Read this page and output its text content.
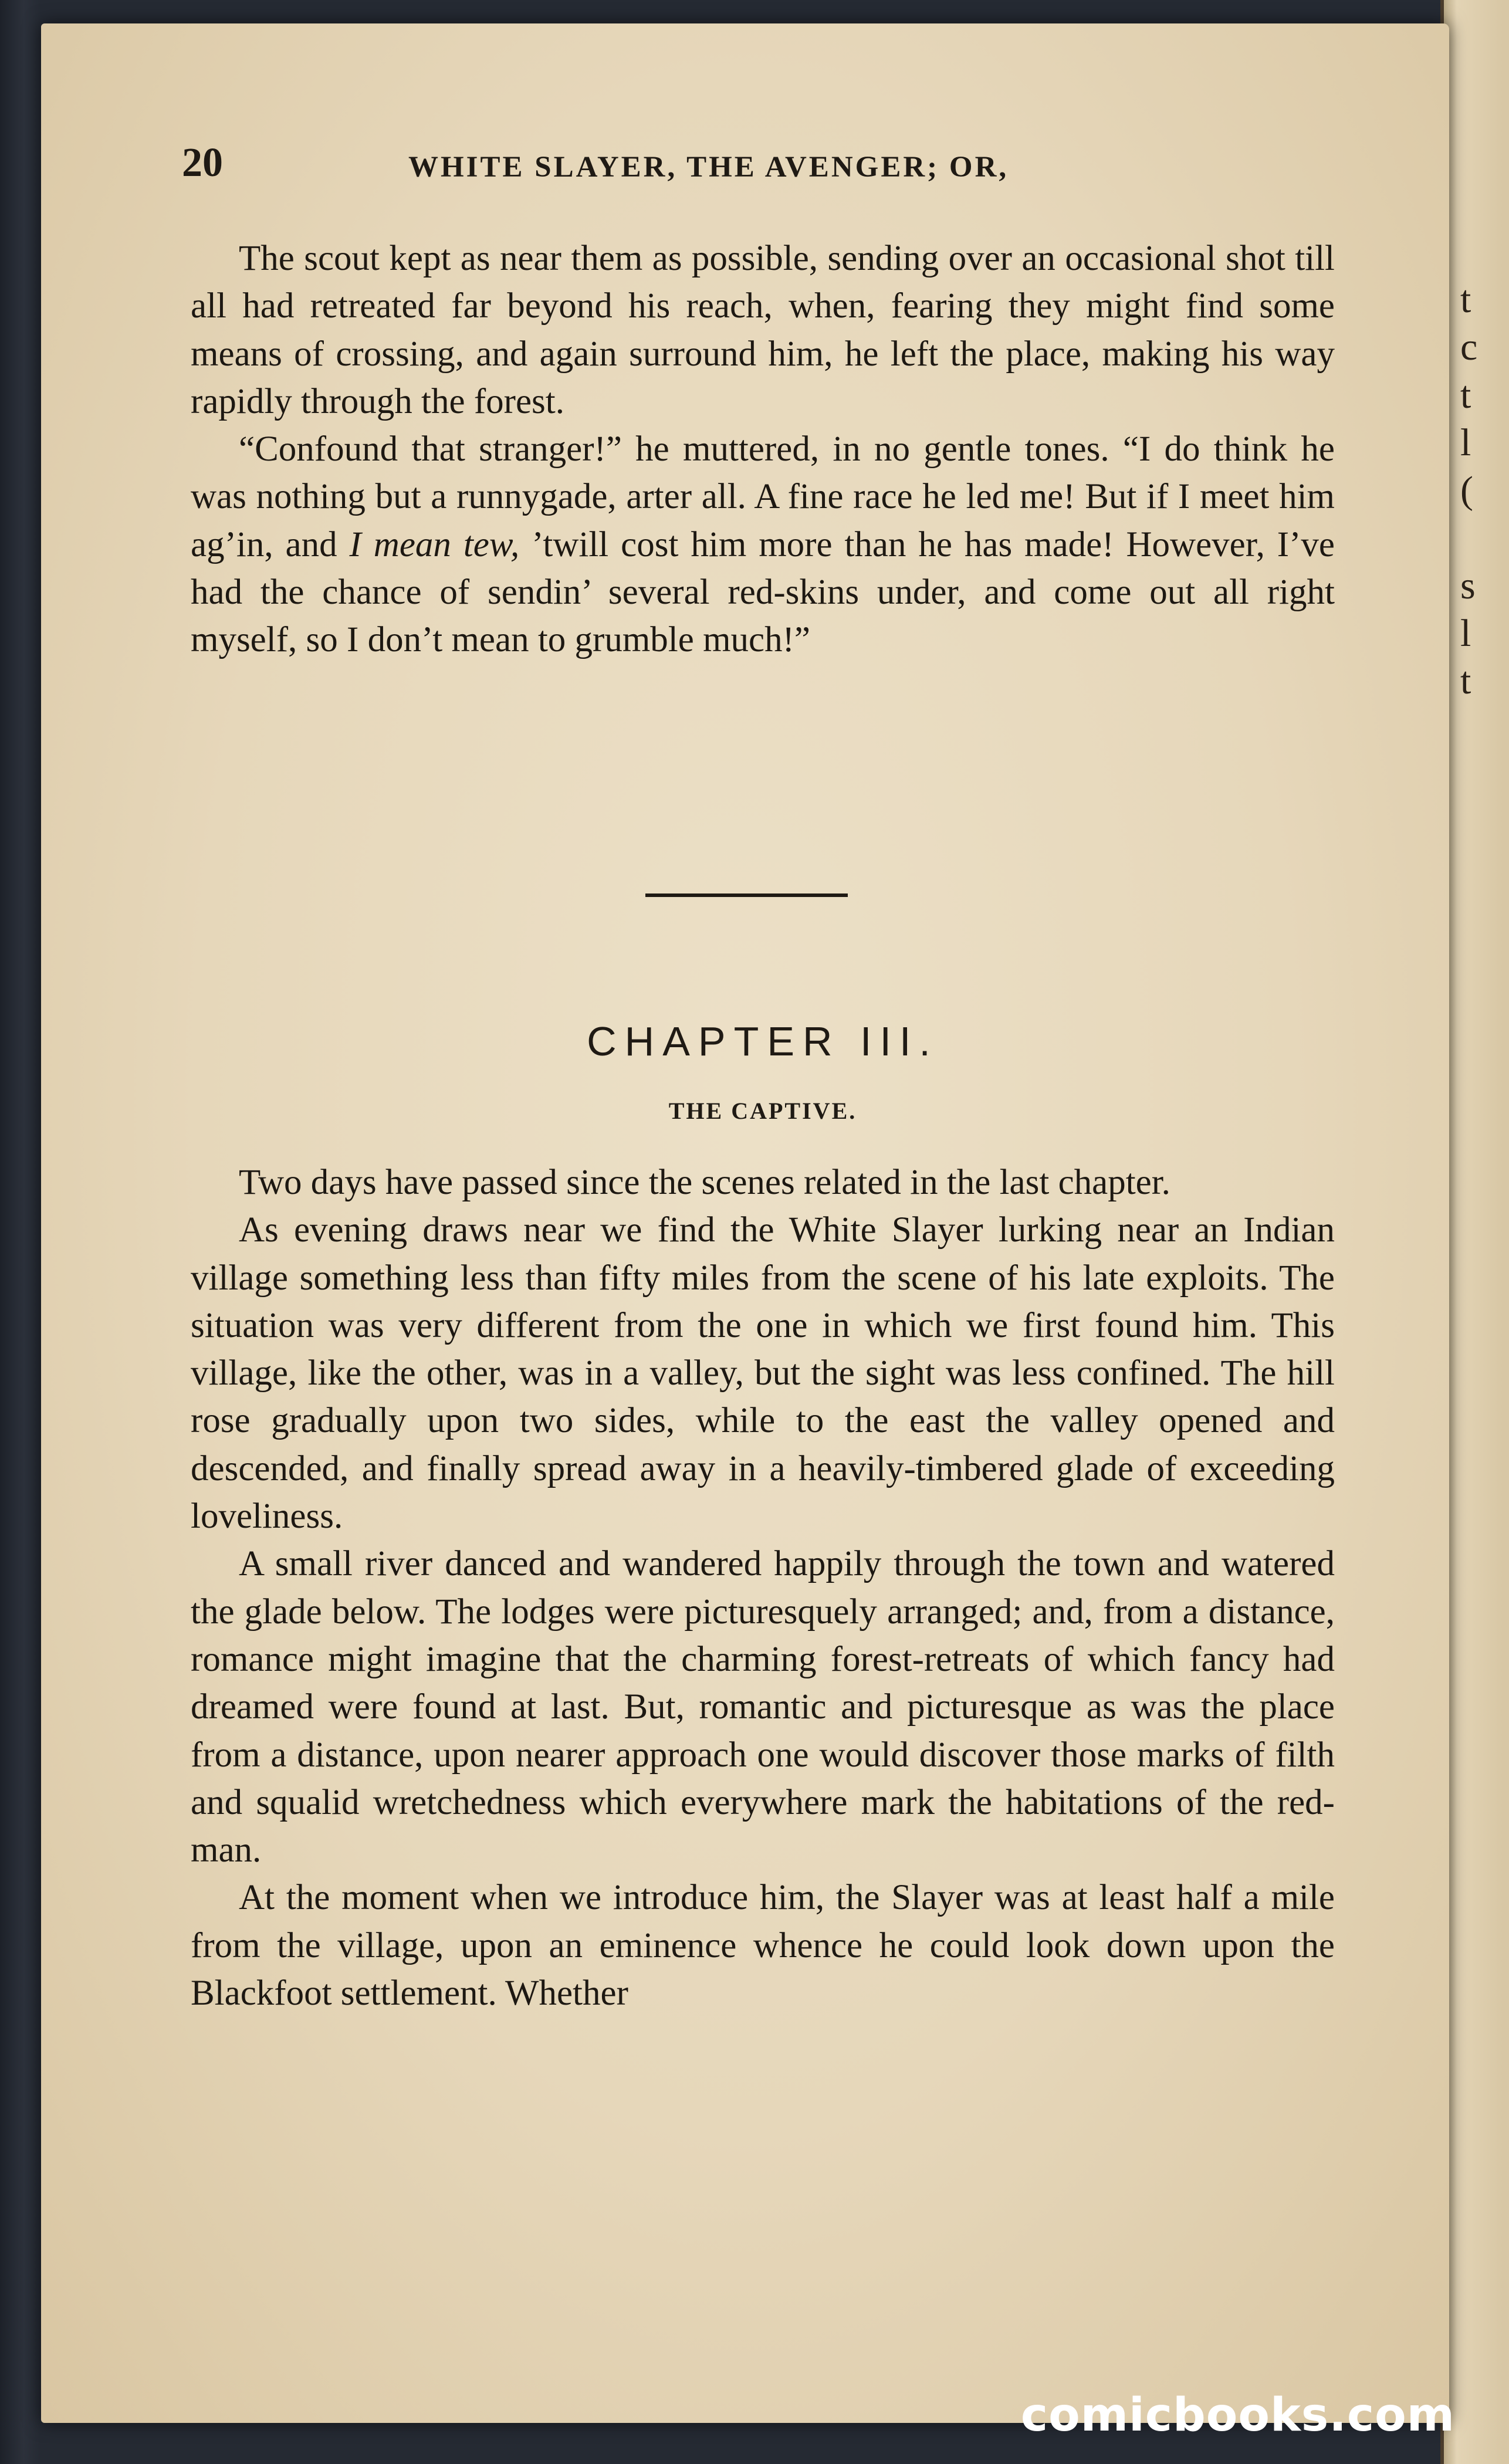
t
c
t
l
(
s
l
t
20	WHITE SLAYER, THE AVENGER; OR,

The scout kept as near them as possible, sending over an occasional shot till all had retreated far beyond his reach, when, fearing they might find some means of crossing, and again surround him, he left the place, making his way rapidly through the forest.

“Confound that stranger!” he muttered, in no gentle tones. “I do think he was nothing but a runnygade, arter all. A fine race he led me! But if I meet him ag’in, and I mean tew, ’twill cost him more than he has made! However, I’ve had the chance of sendin’ several red-skins under, and come out all right myself, so I don’t mean to grumble much!”

CHAPTER III.
THE CAPTIVE.

Two days have passed since the scenes related in the last chapter.

As evening draws near we find the White Slayer lurking near an Indian village something less than fifty miles from the scene of his late exploits. The situation was very different from the one in which we first found him. This village, like the other, was in a valley, but the sight was less confined. The hill rose gradually upon two sides, while to the east the valley opened and descended, and finally spread away in a heavily-timbered glade of exceeding loveliness.

A small river danced and wandered happily through the town and watered the glade below. The lodges were picturesquely arranged; and, from a distance, romance might imagine that the charming forest-retreats of which fancy had dreamed were found at last. But, romantic and picturesque as was the place from a distance, upon nearer approach one would discover those marks of filth and squalid wretchedness which everywhere mark the habitations of the red-man.

At the moment when we introduce him, the Slayer was at least half a mile from the village, upon an eminence whence he could look down upon the Blackfoot settlement. Whether

comicbooks.com
